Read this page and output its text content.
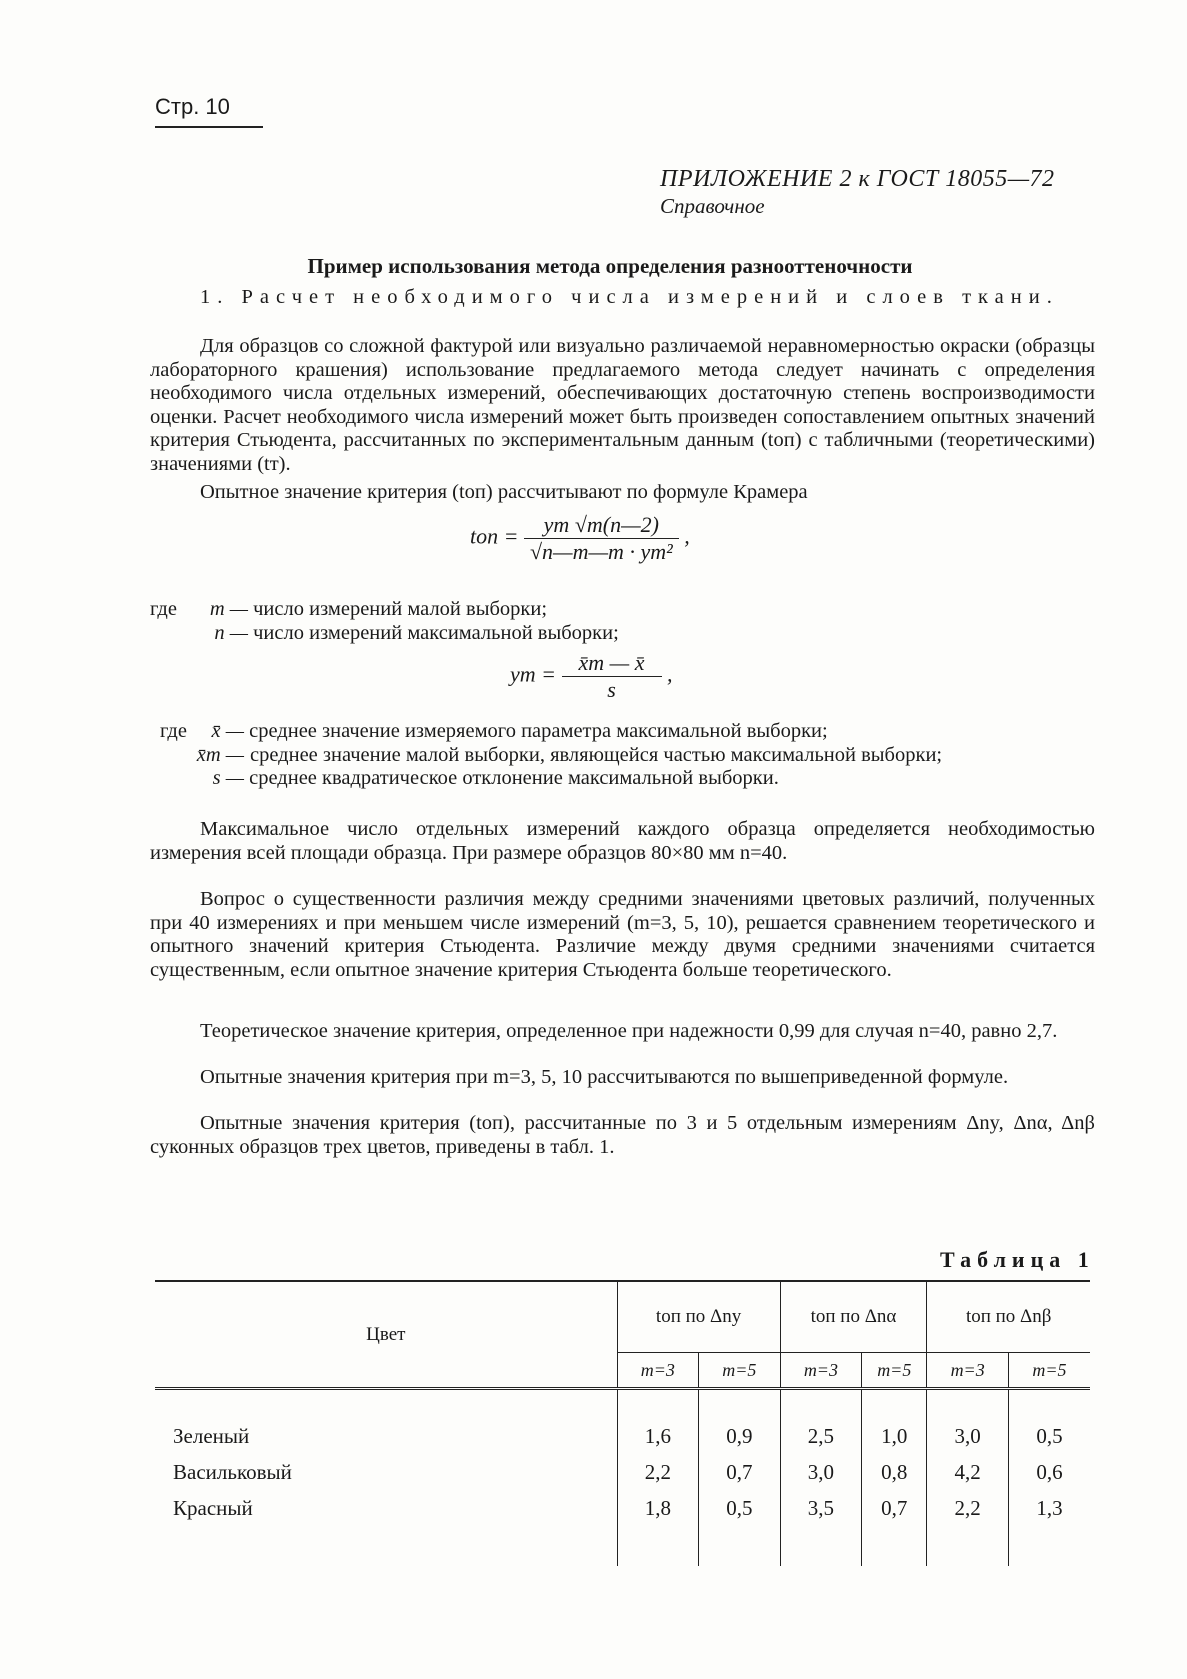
Стр. 10
ПРИЛОЖЕНИЕ 2 к ГОСТ 18055—72
Справочное
Пример использования метода определения разнооттеночности
1. Расчет необходимого числа измерений и слоев ткани.
Для образцов со сложной фактурой или визуально различаемой неравномерностью окраски (образцы лабораторного крашения) использование предлагаемого метода следует начинать с определения необходимого числа отдельных измерений, обеспечивающих достаточную степень воспроизводимости оценки. Расчет необходимого числа измерений может быть произведен сопоставлением опытных значений критерия Стьюдента, рассчитанных по экспериментальным данным (tоп) с табличными (теоретическими) значениями (tт).
Опытное значение критерия (tоп) рассчитывают по формуле Крамера
tоп = $\frac{ym √m(n—2)}{\text{√n—m—m · ym²}}$ ,
где m — число измерений малой выборки;
n — число измерений максимальной выборки;
ym = $\frac{x̄m — x̄}{s}$ ,
где x̄ — среднее значение измеряемого параметра максимальной выборки;
x̄m — среднее значение малой выборки, являющейся частью максимальной выборки;
s — среднее квадратическое отклонение максимальной выборки.
Максимальное число отдельных измерений каждого образца определяется необходимостью измерения всей площади образца. При размере образцов 80×80 мм n=40.
Вопрос о существенности различия между средними значениями цветовых различий, полученных при 40 измерениях и при меньшем числе измерений (m=3, 5, 10), решается сравнением теоретического и опытного значений критерия Стьюдента. Различие между двумя средними значениями считается существенным, если опытное значение критерия Стьюдента больше теоретического.
Теоретическое значение критерия, определенное при надежности 0,99 для случая n=40, равно 2,7.
Опытные значения критерия при m=3, 5, 10 рассчитываются по вышеприведенной формуле.
Опытные значения критерия (tоп), рассчитанные по 3 и 5 отдельным измерениям Δny, Δnα, Δnβ суконных образцов трех цветов, приведены в табл. 1.
Таблица 1
Цвет	tоп по Δny		tоп по Δnα		tоп по Δnβ	
	m=3	m=5	m=3	m=5	m=3	m=5
Зеленый	1,6	0,9	2,5	1,0	3,0	0,5
Васильковый	2,2	0,7	3,0	0,8	4,2	0,6
Красный	1,8	0,5	3,5	0,7	2,2	1,3
